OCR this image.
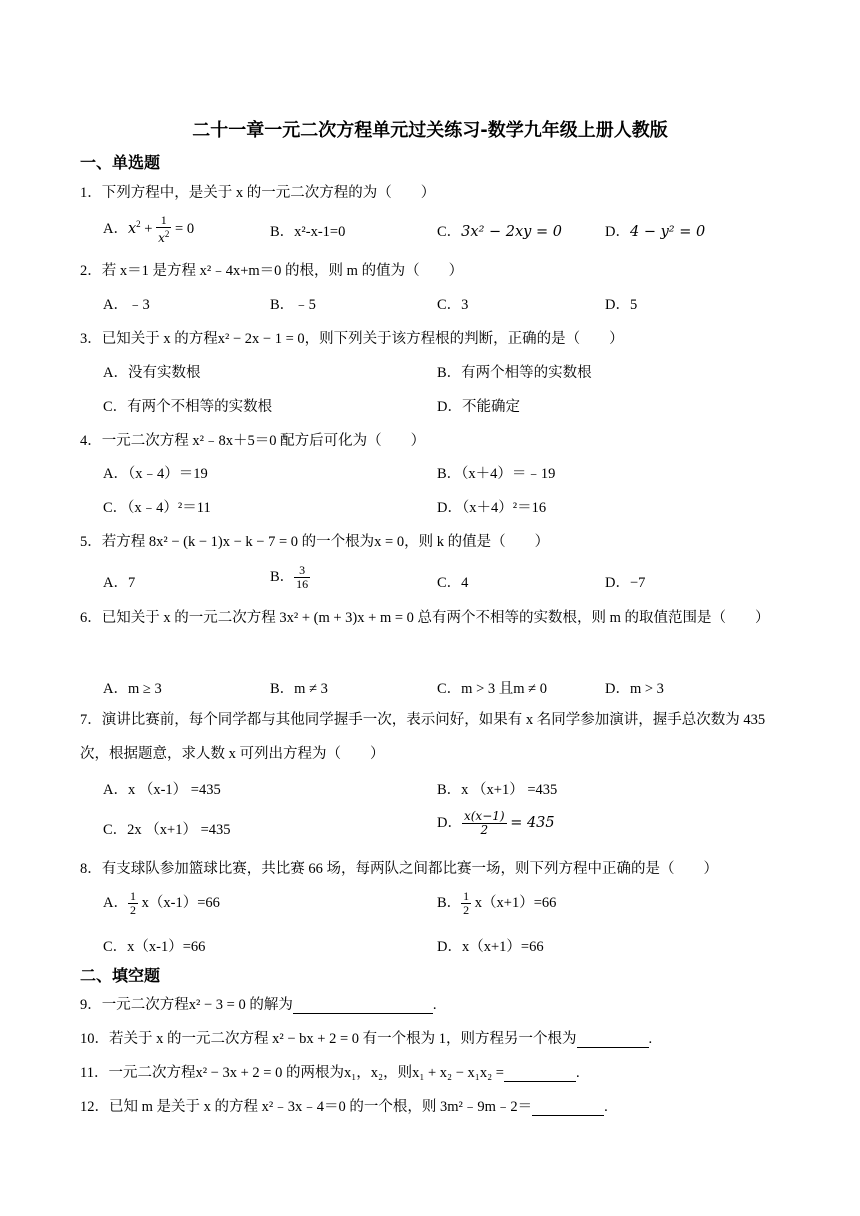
二十一章一元二次方程单元过关练习-数学九年级上册人教版
一、单选题
1．下列方程中，是关于 x 的一元二次方程的为（　　）
A．$x^2 + \frac{1}{x^2} = 0$	B．x²-x-1=0	C．3x² − 2xy = 0	D．4 − y² = 0
2．若 x＝1 是方程 x²﹣4x+m＝0 的根，则 m 的值为（　　）
A．﹣3	B．﹣5	C．3	D．5
3．已知关于 x 的方程x² − 2x − 1 = 0，则下列关于该方程根的判断，正确的是（　　）
A．没有实数根	B．有两个相等的实数根
C．有两个不相等的实数根	D．不能确定
4．一元二次方程 x²﹣8x＋5＝0 配方后可化为（　　）
A．（x﹣4）＝19	B．（x＋4）＝﹣19
C．（x﹣4）²＝11	D．（x＋4）²＝16
5．若方程 8x² − (k − 1)x − k − 7 = 0 的一个根为x = 0，则 k 的值是（　　）
A．7	B． $\frac{3}{16}$	C．4	D．−7
6．已知关于 x 的一元二次方程 3x² + (m + 3)x + m = 0 总有两个不相等的实数根，则 m 的取值范围是（　　）
A．m ≥ 3	B．m ≠ 3	C．m > 3 且m ≠ 0	D．m > 3
7．演讲比赛前，每个同学都与其他同学握手一次，表示问好，如果有 x 名同学参加演讲，握手总次数为 435 次，根据题意，求人数 x 可列出方程为（　　）
A．x （x-1） =435	B．x （x+1） =435
C．2x （x+1） =435	D． $\frac{x(x-1)}{2} = 435$
8．有支球队参加篮球比赛，共比赛 66 场，每两队之间都比赛一场，则下列方程中正确的是（　　）
A． $\frac{1}{2} x(x-1)=66$	B． $\frac{1}{2} x(x+1)=66$
C．x（x-1）=66	D．x（x+1）=66
二、填空题
9．一元二次方程x² − 3 = 0 的解为	.
10．若关于 x 的一元二次方程 x² − bx + 2 = 0 有一个根为 1，则方程另一个根为	.
11．一元二次方程x² − 3x + 2 = 0 的两根为x₁，x₂，则x₁ + x₂ − x₁x₂ =	.
12．已知 m 是关于 x 的方程 x²﹣3x﹣4＝0 的一个根，则 3m²﹣9m﹣2＝	.
